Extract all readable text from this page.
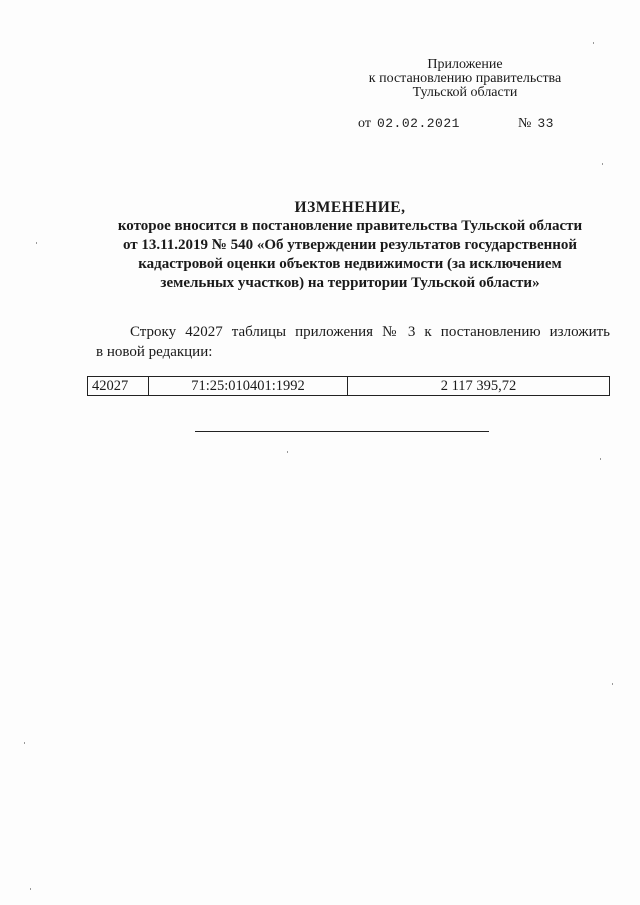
Приложение
к постановлению правительства
Тульской области
от 02.02.2021	№ 33
ИЗМЕНЕНИЕ,
которое вносится в постановление правительства Тульской области
от 13.11.2019 № 540 «Об утверждении результатов государственной
кадастровой оценки объектов недвижимости (за исключением
земельных участков) на территории Тульской области»
Строку 42027 таблицы приложения № 3 к постановлению изложить
в новой редакции:
42027	71:25:010401:1992	2 117 395,72
